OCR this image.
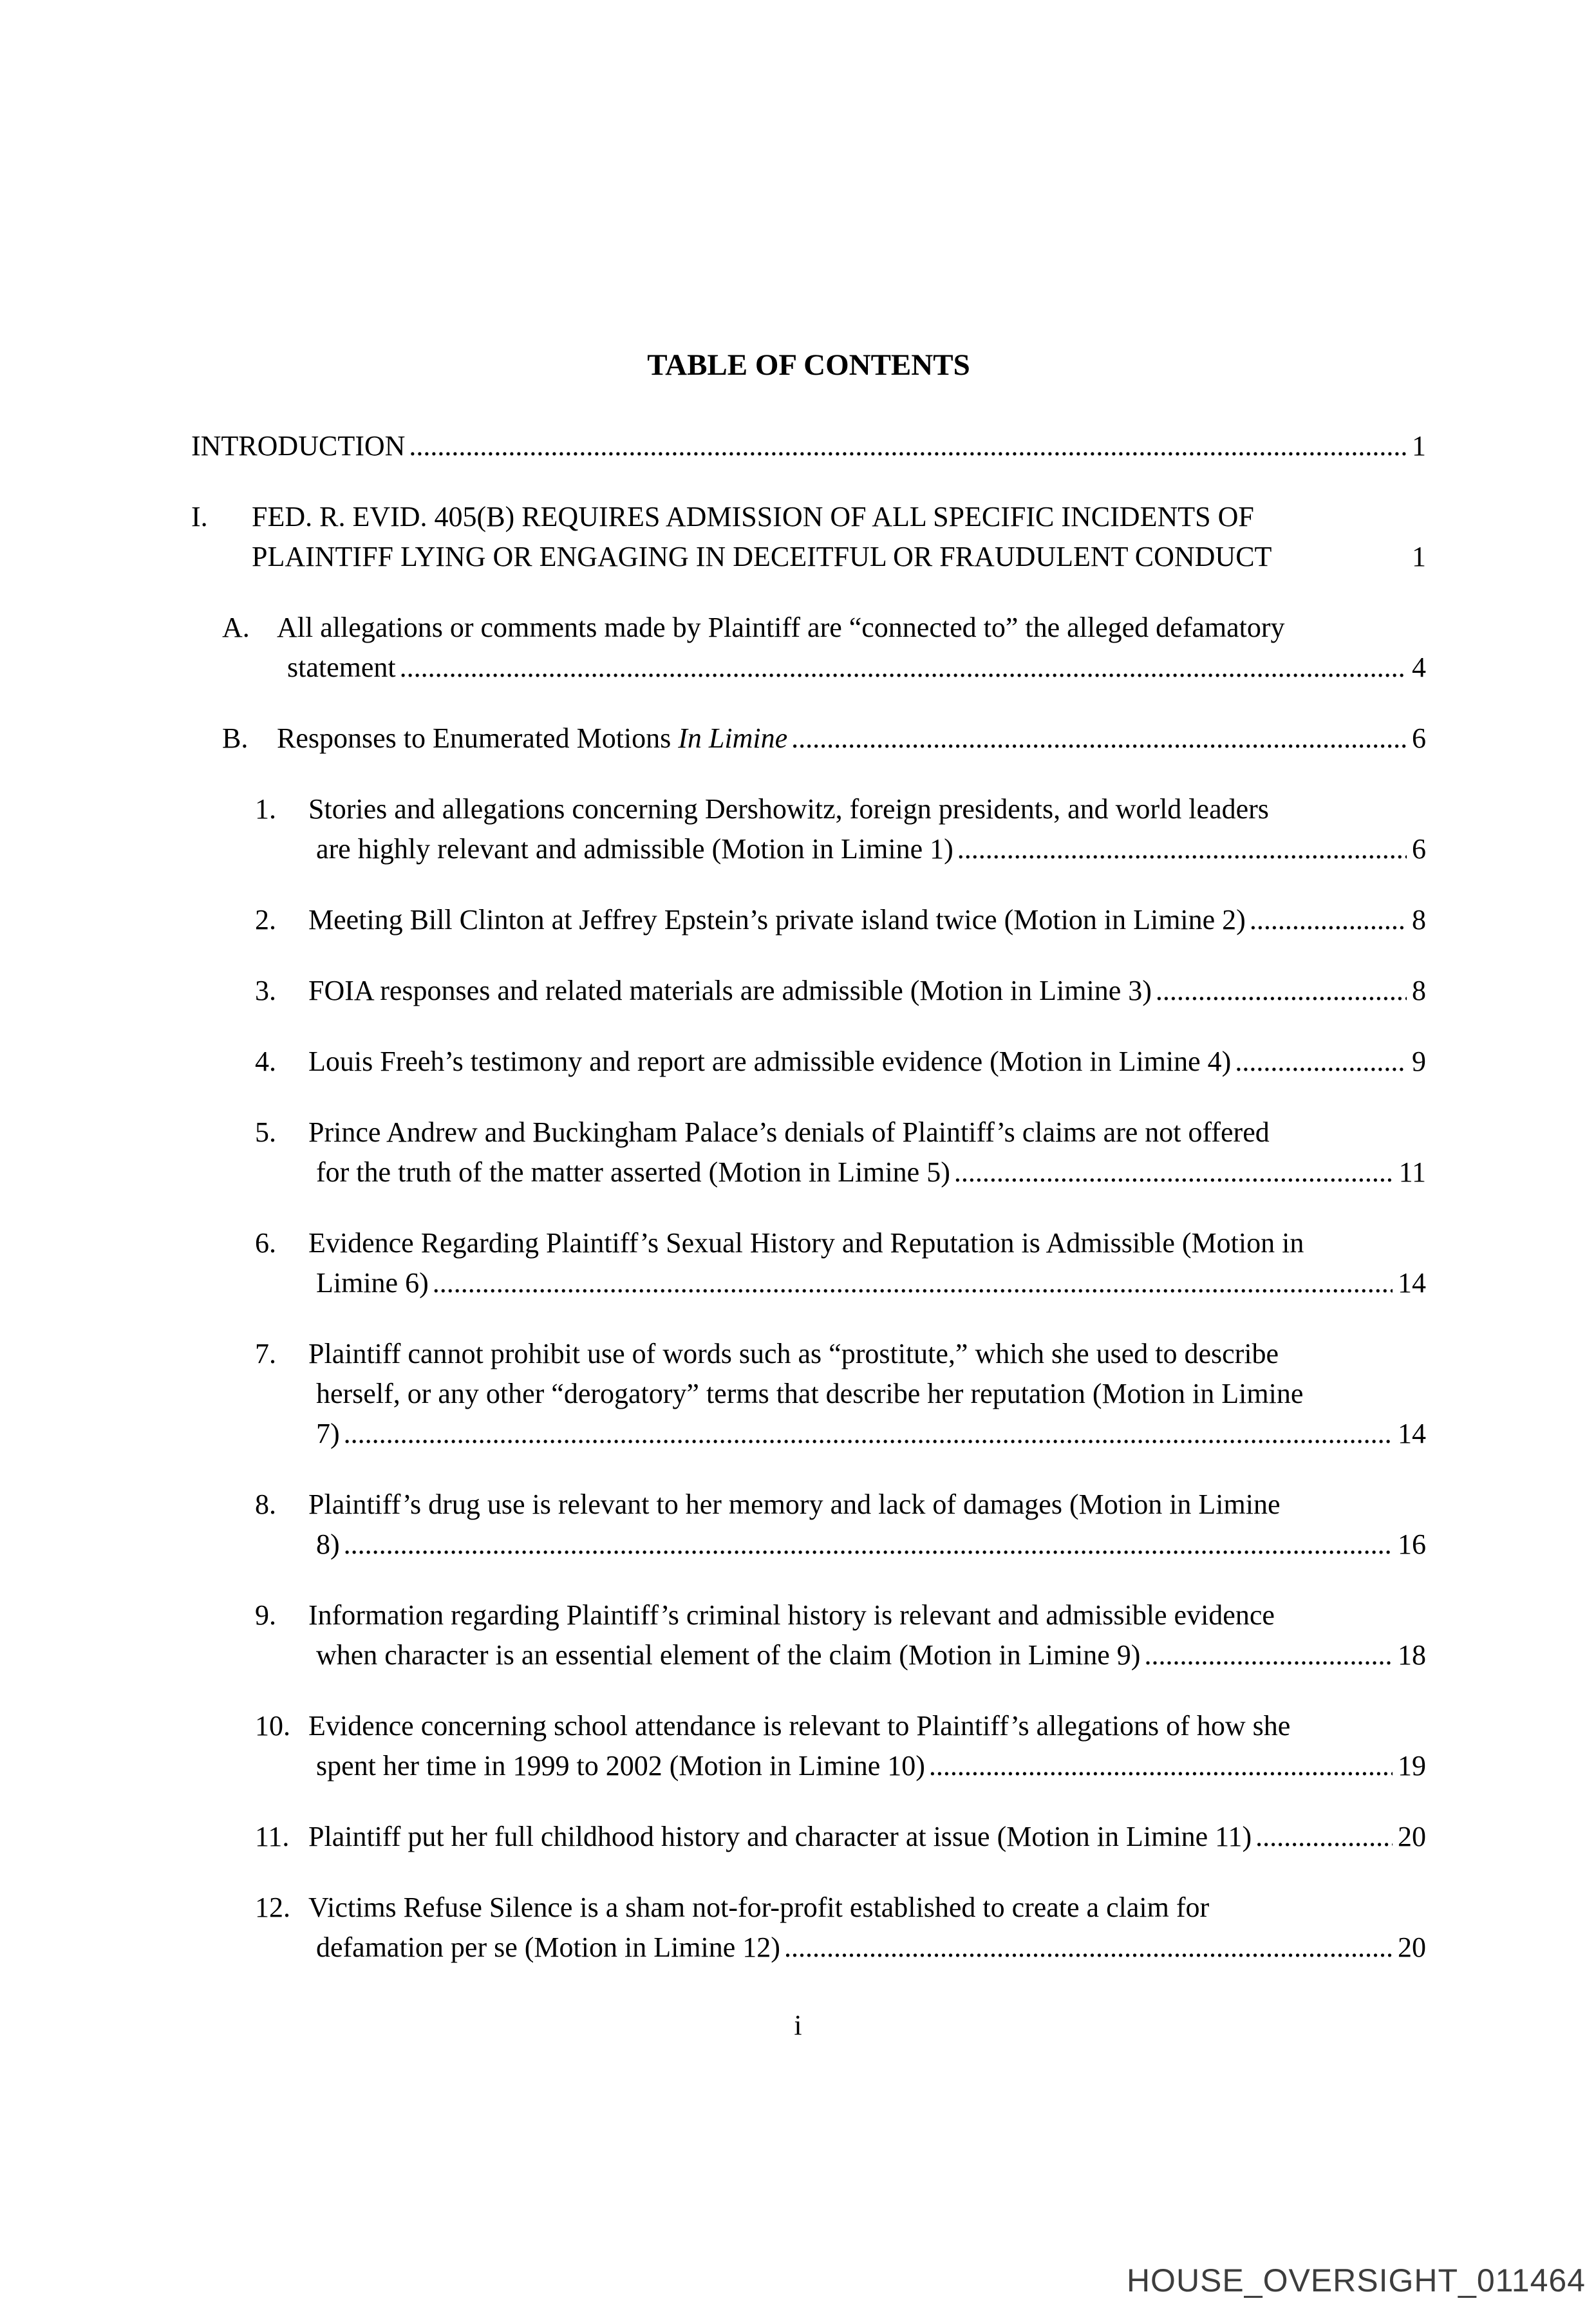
TABLE OF CONTENTS
INTRODUCTION .....	1
I. FED. R. EVID. 405(B) REQUIRES ADMISSION OF ALL SPECIFIC INCIDENTS OF
PLAINTIFF LYING OR ENGAGING IN DECEITFUL OR FRAUDULENT CONDUCT	1
A. All allegations or comments made by Plaintiff are “connected to” the alleged defamatory
statement .....	4
B. Responses to Enumerated Motions In Limine .....	6
1. Stories and allegations concerning Dershowitz, foreign presidents, and world leaders
are highly relevant and admissible (Motion in Limine 1) .....	6
2. Meeting Bill Clinton at Jeffrey Epstein’s private island twice (Motion in Limine 2) .....	8
3. FOIA responses and related materials are admissible (Motion in Limine 3) .....	8
4. Louis Freeh’s testimony and report are admissible evidence (Motion in Limine 4) .....	9
5. Prince Andrew and Buckingham Palace’s denials of Plaintiff’s claims are not offered
for the truth of the matter asserted (Motion in Limine 5) .....	11
6. Evidence Regarding Plaintiff’s Sexual History and Reputation is Admissible (Motion in
Limine 6) .....	14
7. Plaintiff cannot prohibit use of words such as “prostitute,” which she used to describe
herself, or any other “derogatory” terms that describe her reputation (Motion in Limine
7) .....	14
8. Plaintiff’s drug use is relevant to her memory and lack of damages (Motion in Limine
8) .....	16
9. Information regarding Plaintiff’s criminal history is relevant and admissible evidence
when character is an essential element of the claim (Motion in Limine 9) .....	18
10. Evidence concerning school attendance is relevant to Plaintiff’s allegations of how she
spent her time in 1999 to 2002 (Motion in Limine 10) .....	19
11. Plaintiff put her full childhood history and character at issue (Motion in Limine 11) .....	20
12. Victims Refuse Silence is a sham not-for-profit established to create a claim for
defamation per se (Motion in Limine 12) .....	20
i
HOUSE_OVERSIGHT_011464
